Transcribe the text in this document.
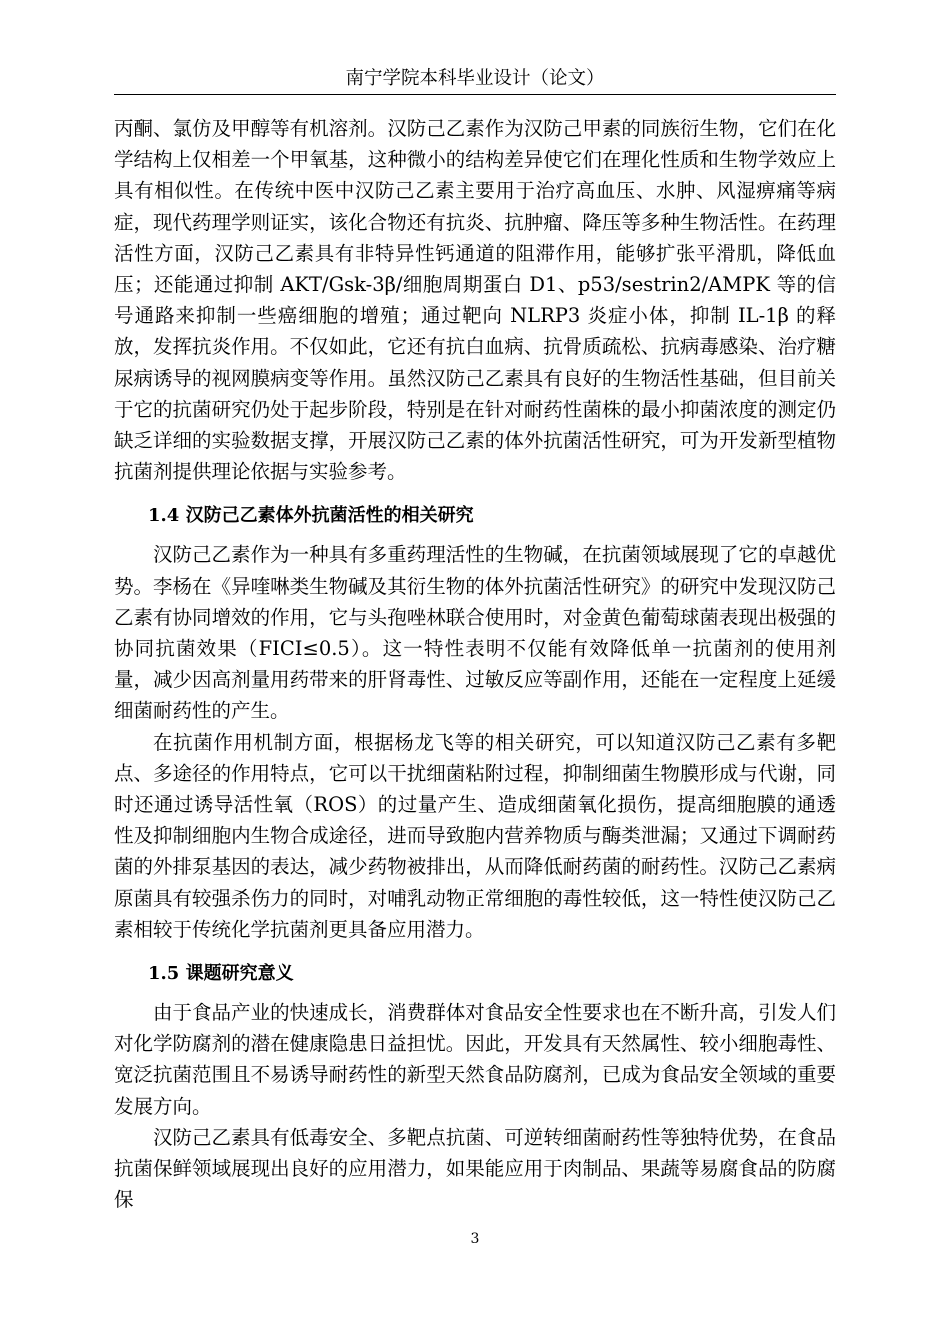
南宁学院本科毕业设计（论文）

丙酮、氯仿及甲醇等有机溶剂。汉防己乙素作为汉防己甲素的同族衍生物，它们在化学结构上仅相差一个甲氧基，这种微小的结构差异使它们在理化性质和生物学效应上具有相似性。在传统中医中汉防己乙素主要用于治疗高血压、水肿、风湿痹痛等病症，现代药理学则证实，该化合物还有抗炎、抗肿瘤、降压等多种生物活性。在药理活性方面，汉防己乙素具有非特异性钙通道的阻滞作用，能够扩张平滑肌，降低血压；还能通过抑制 AKT/Gsk-3β/细胞周期蛋白 D1、p53/sestrin2/AMPK 等的信号通路来抑制一些癌细胞的增殖；通过靶向 NLRP3 炎症小体，抑制 IL-1β 的释放，发挥抗炎作用。不仅如此，它还有抗白血病、抗骨质疏松、抗病毒感染、治疗糖尿病诱导的视网膜病变等作用。虽然汉防己乙素具有良好的生物活性基础，但目前关于它的抗菌研究仍处于起步阶段，特别是在针对耐药性菌株的最小抑菌浓度的测定仍缺乏详细的实验数据支撑，开展汉防己乙素的体外抗菌活性研究，可为开发新型植物抗菌剂提供理论依据与实验参考。

1.4 汉防己乙素体外抗菌活性的相关研究

汉防己乙素作为一种具有多重药理活性的生物碱，在抗菌领域展现了它的卓越优势。李杨在《异喹啉类生物碱及其衍生物的体外抗菌活性研究》的研究中发现汉防己乙素有协同增效的作用，它与头孢唑林联合使用时，对金黄色葡萄球菌表现出极强的协同抗菌效果（FICI≤0.5）。这一特性表明不仅能有效降低单一抗菌剂的使用剂量，减少因高剂量用药带来的肝肾毒性、过敏反应等副作用，还能在一定程度上延缓细菌耐药性的产生。

在抗菌作用机制方面，根据杨龙飞等的相关研究，可以知道汉防己乙素有多靶点、多途径的作用特点，它可以干扰细菌粘附过程，抑制细菌生物膜形成与代谢，同时还通过诱导活性氧（ROS）的过量产生、造成细菌氧化损伤，提高细胞膜的通透性及抑制细胞内生物合成途径，进而导致胞内营养物质与酶类泄漏；又通过下调耐药菌的外排泵基因的表达，减少药物被排出，从而降低耐药菌的耐药性。汉防己乙素病原菌具有较强杀伤力的同时，对哺乳动物正常细胞的毒性较低，这一特性使汉防己乙素相较于传统化学抗菌剂更具备应用潜力。

1.5 课题研究意义

由于食品产业的快速成长，消费群体对食品安全性要求也在不断升高，引发人们对化学防腐剂的潜在健康隐患日益担忧。因此，开发具有天然属性、较小细胞毒性、宽泛抗菌范围且不易诱导耐药性的新型天然食品防腐剂，已成为食品安全领域的重要发展方向。

汉防己乙素具有低毒安全、多靶点抗菌、可逆转细菌耐药性等独特优势，在食品抗菌保鲜领域展现出良好的应用潜力，如果能应用于肉制品、果蔬等易腐食品的防腐保

3
